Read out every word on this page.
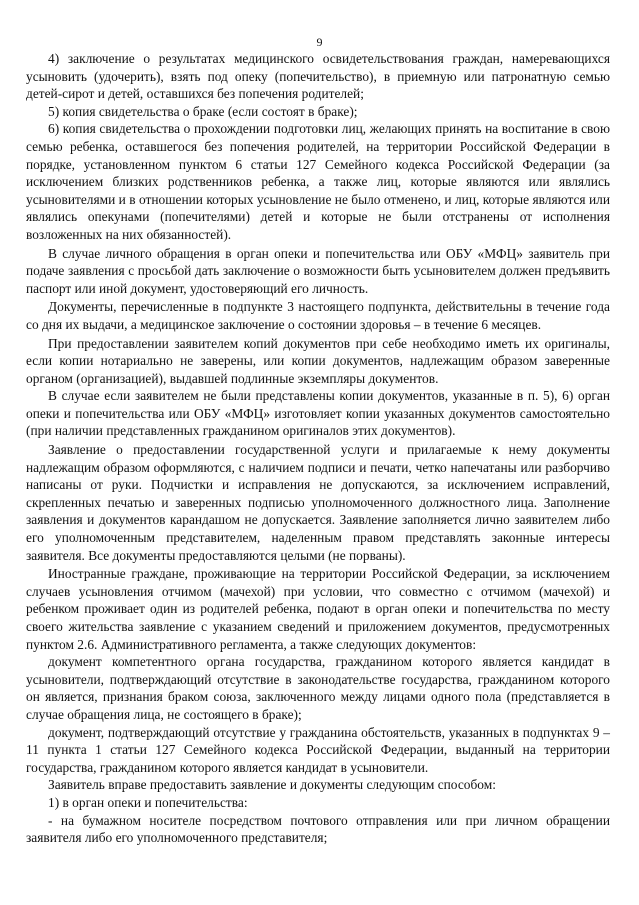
9

4) заключение о результатах медицинского освидетельствования граждан, намеревающихся усыновить (удочерить), взять под опеку (попечительство), в приемную или патронатную семью детей-сирот и детей, оставшихся без попечения родителей;

5) копия свидетельства о браке (если состоят в браке);

6) копия свидетельства о прохождении подготовки лиц, желающих принять на воспитание в свою семью ребенка, оставшегося без попечения родителей, на территории Российской Федерации в порядке, установленном пунктом 6 статьи 127 Семейного кодекса Российской Федерации (за исключением близких родственников ребенка, а также лиц, которые являются или являлись усыновителями и в отношении которых усыновление не было отменено, и лиц, которые являются или являлись опекунами (попечителями) детей и которые не были отстранены от исполнения возложенных на них обязанностей).

В случае личного обращения в орган опеки и попечительства или ОБУ «МФЦ» заявитель при подаче заявления с просьбой дать заключение о возможности быть усыновителем должен предъявить паспорт или иной документ, удостоверяющий его личность.

Документы, перечисленные в подпункте 3 настоящего подпункта, действительны в течение года со дня их выдачи, а медицинское заключение о состоянии здоровья – в течение 6 месяцев.

При предоставлении заявителем копий документов при себе необходимо иметь их оригиналы, если копии нотариально не заверены, или копии документов, надлежащим образом заверенные органом (организацией), выдавшей подлинные экземпляры документов.

В случае если заявителем не были представлены копии документов, указанные в п. 5), 6) орган опеки и попечительства или ОБУ «МФЦ» изготовляет копии указанных документов самостоятельно (при наличии представленных гражданином оригиналов этих документов).

Заявление о предоставлении государственной услуги и прилагаемые к нему документы надлежащим образом оформляются, с наличием подписи и печати, четко напечатаны или разборчиво написаны от руки. Подчистки и исправления не допускаются, за исключением исправлений, скрепленных печатью и заверенных подписью уполномоченного должностного лица. Заполнение заявления и документов карандашом не допускается. Заявление заполняется лично заявителем либо его уполномоченным представителем, наделенным правом представлять законные интересы заявителя. Все документы предоставляются целыми (не порваны).

Иностранные граждане, проживающие на территории Российской Федерации, за исключением случаев усыновления отчимом (мачехой) при условии, что совместно с отчимом (мачехой) и ребенком проживает один из родителей ребенка, подают в орган опеки и попечительства по месту своего жительства заявление с указанием сведений и приложением документов, предусмотренных пунктом 2.6. Административного регламента, а также следующих документов:

документ компетентного органа государства, гражданином которого является кандидат в усыновители, подтверждающий отсутствие в законодательстве государства, гражданином которого он является, признания браком союза, заключенного между лицами одного пола (представляется в случае обращения лица, не состоящего в браке);

документ, подтверждающий отсутствие у гражданина обстоятельств, указанных в подпунктах 9 – 11 пункта 1 статьи 127 Семейного кодекса Российской Федерации, выданный на территории государства, гражданином которого является кандидат в усыновители.

Заявитель вправе предоставить заявление и документы следующим способом:

1) в орган опеки и попечительства:

- на бумажном носителе посредством почтового отправления или при личном обращении заявителя либо его уполномоченного представителя;
